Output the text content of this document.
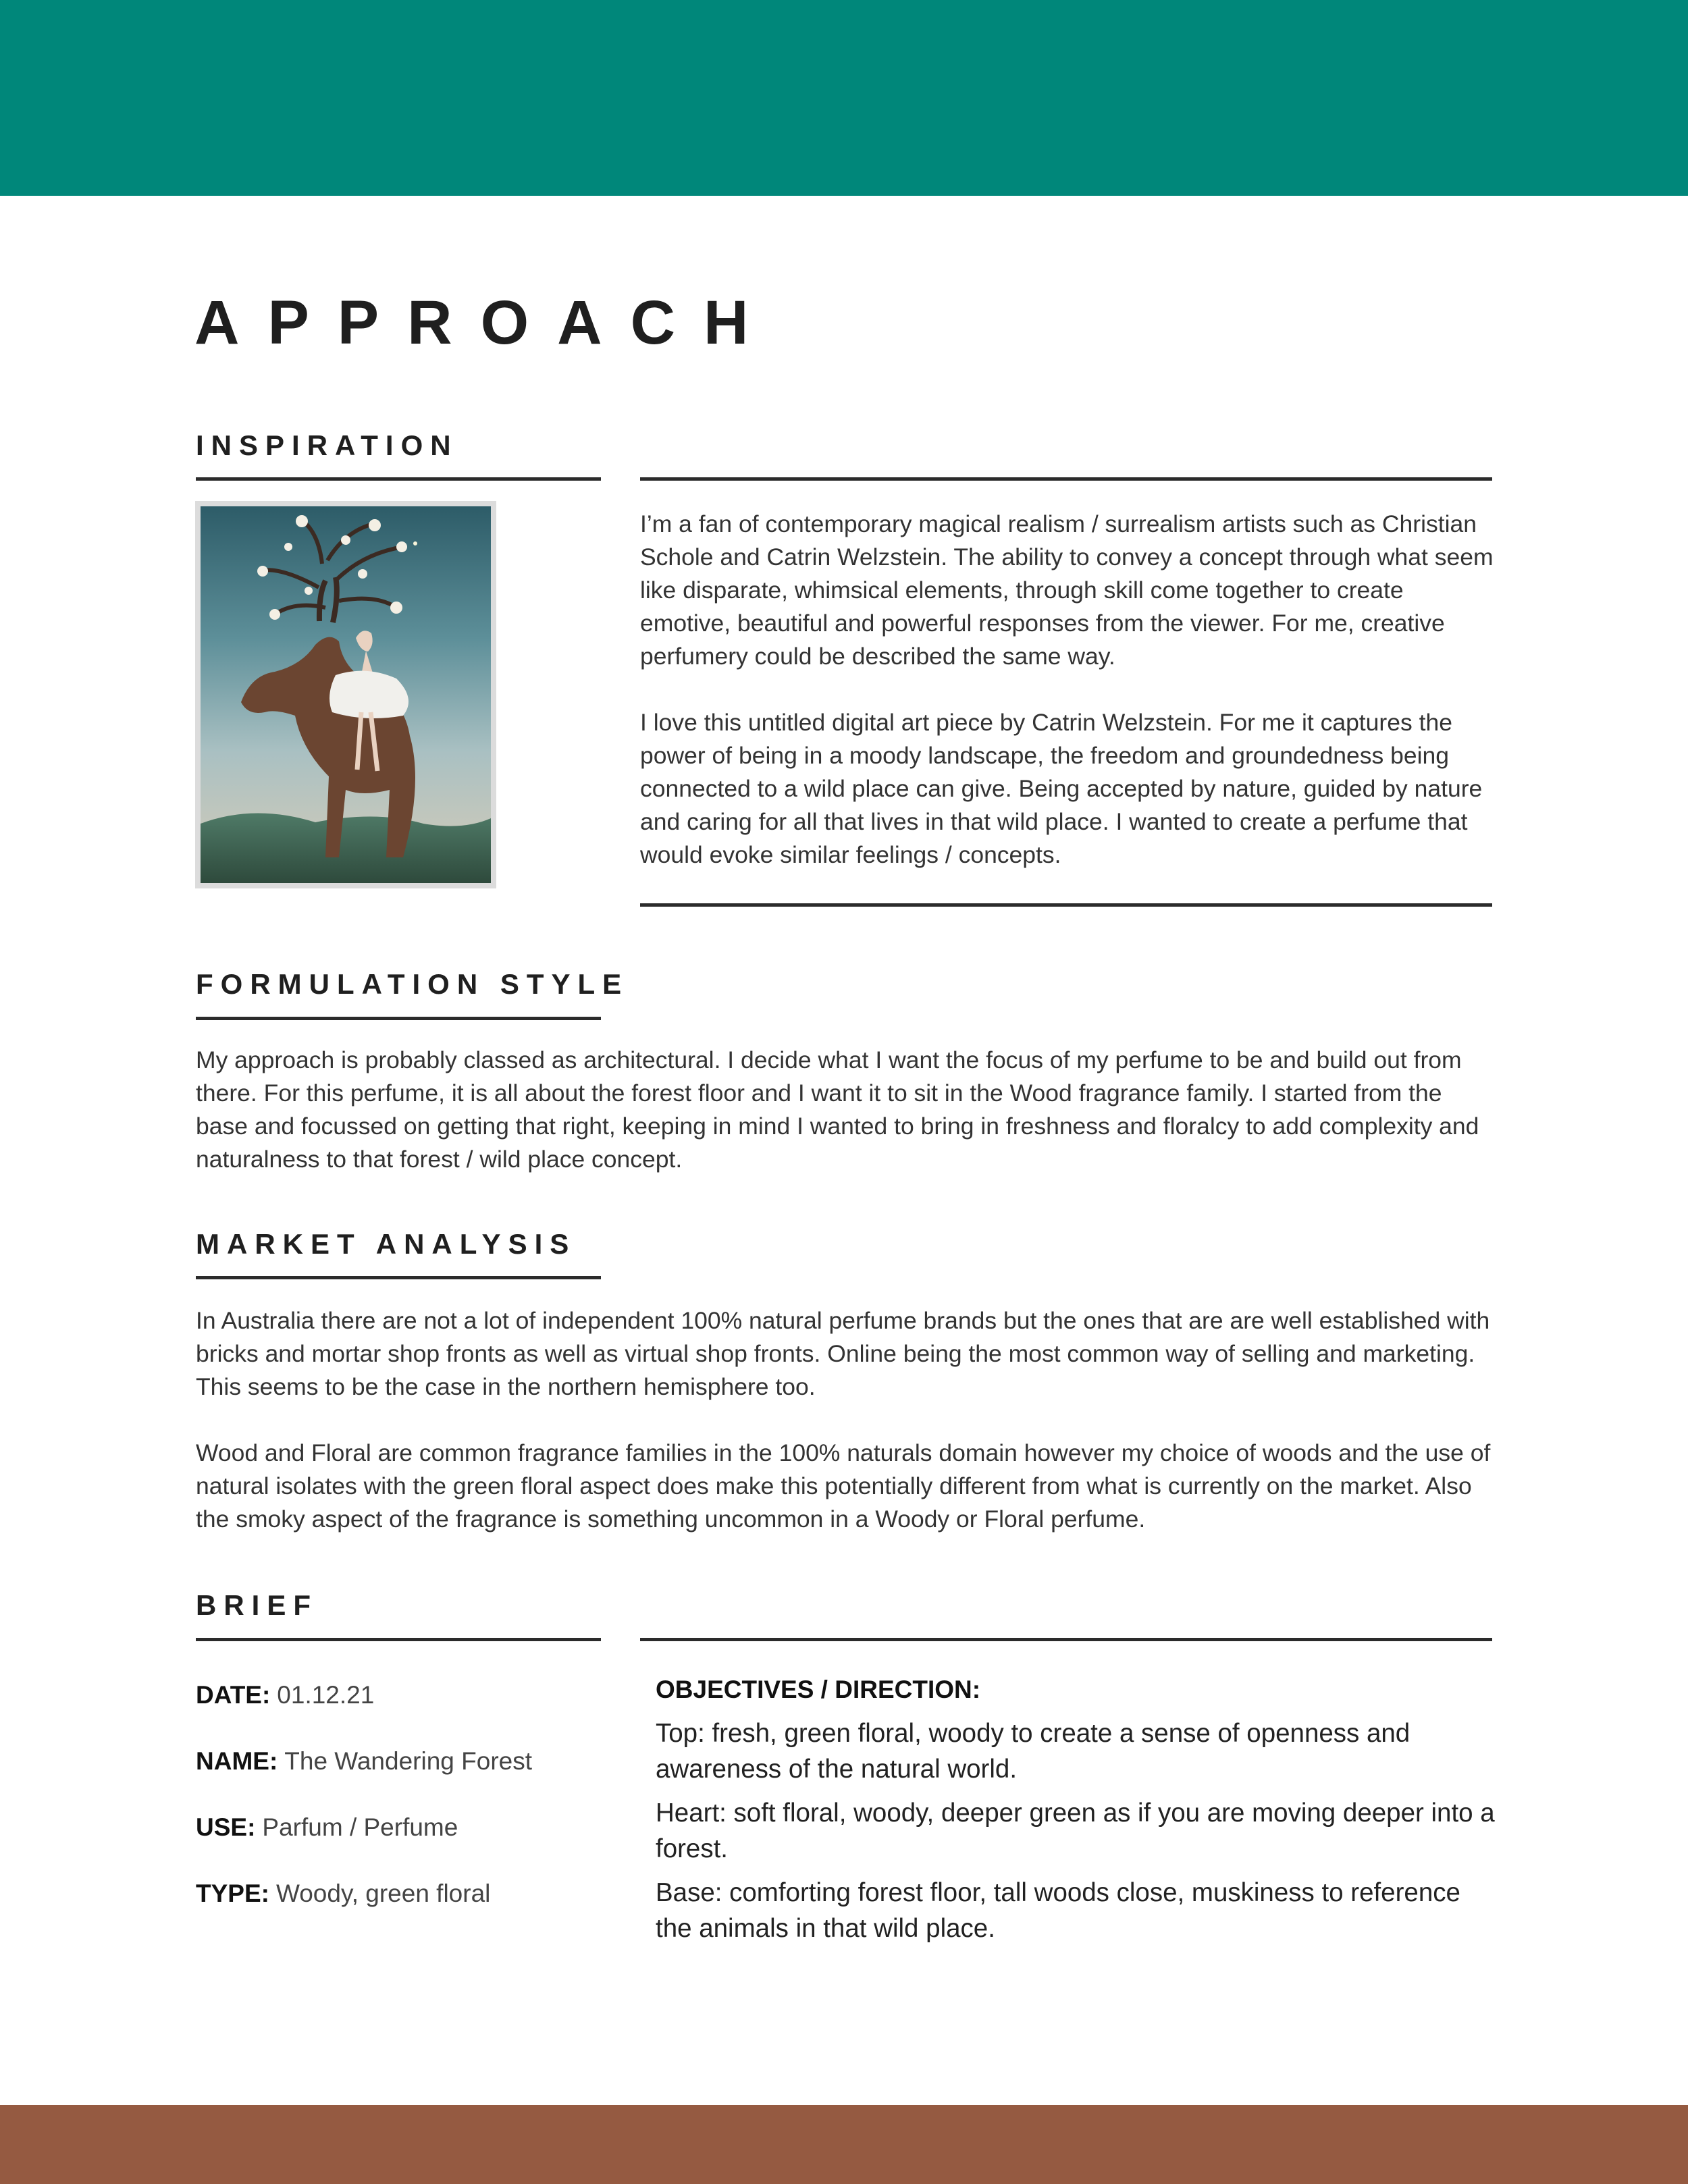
APPROACH
INSPIRATION

I’m a fan of contemporary magical realism / surrealism artists such as Christian Schole and Catrin Welzstein. The ability to convey a concept through what seem like disparate, whimsical elements, through skill come together to create emotive, beautiful and powerful responses from the viewer. For me, creative perfumery could be described the same way.

I love this untitled digital art piece by Catrin Welzstein. For me it captures the power of being in a moody landscape, the freedom and groundedness being connected to a wild place can give. Being accepted by nature, guided by nature and caring for all that lives in that wild place. I wanted to create a perfume that would evoke similar feelings / concepts.

FORMULATION STYLE

My approach is probably classed as architectural. I decide what I want the focus of my perfume to be and build out from there. For this perfume, it is all about the forest floor and I want it to sit in the Wood fragrance family. I started from the base and focussed on getting that right, keeping in mind I wanted to bring in freshness and floralcy to add complexity and naturalness to that forest / wild place concept.

MARKET ANALYSIS

In Australia there are not a lot of independent 100% natural perfume brands but the ones that are are well established with bricks and mortar shop fronts as well as virtual shop fronts. Online being the most common way of selling and marketing. This seems to be the case in the northern hemisphere too.

Wood and Floral are common fragrance families in the 100% naturals domain however my choice of woods and the use of natural isolates with the green floral aspect does make this potentially different from what is currently on the market. Also the smoky aspect of the fragrance is something uncommon in a Woody or Floral perfume.

BRIEF
DATE: 01.12.21
NAME: The Wandering Forest
USE: Parfum / Perfume
TYPE: Woody, green floral

OBJECTIVES / DIRECTION:

Top: fresh, green floral, woody to create a sense of openness and awareness of the natural world.

Heart: soft floral, woody, deeper green as if you are moving deeper into a forest.

Base: comforting forest floor, tall woods close, muskiness to reference the animals in that wild place.
